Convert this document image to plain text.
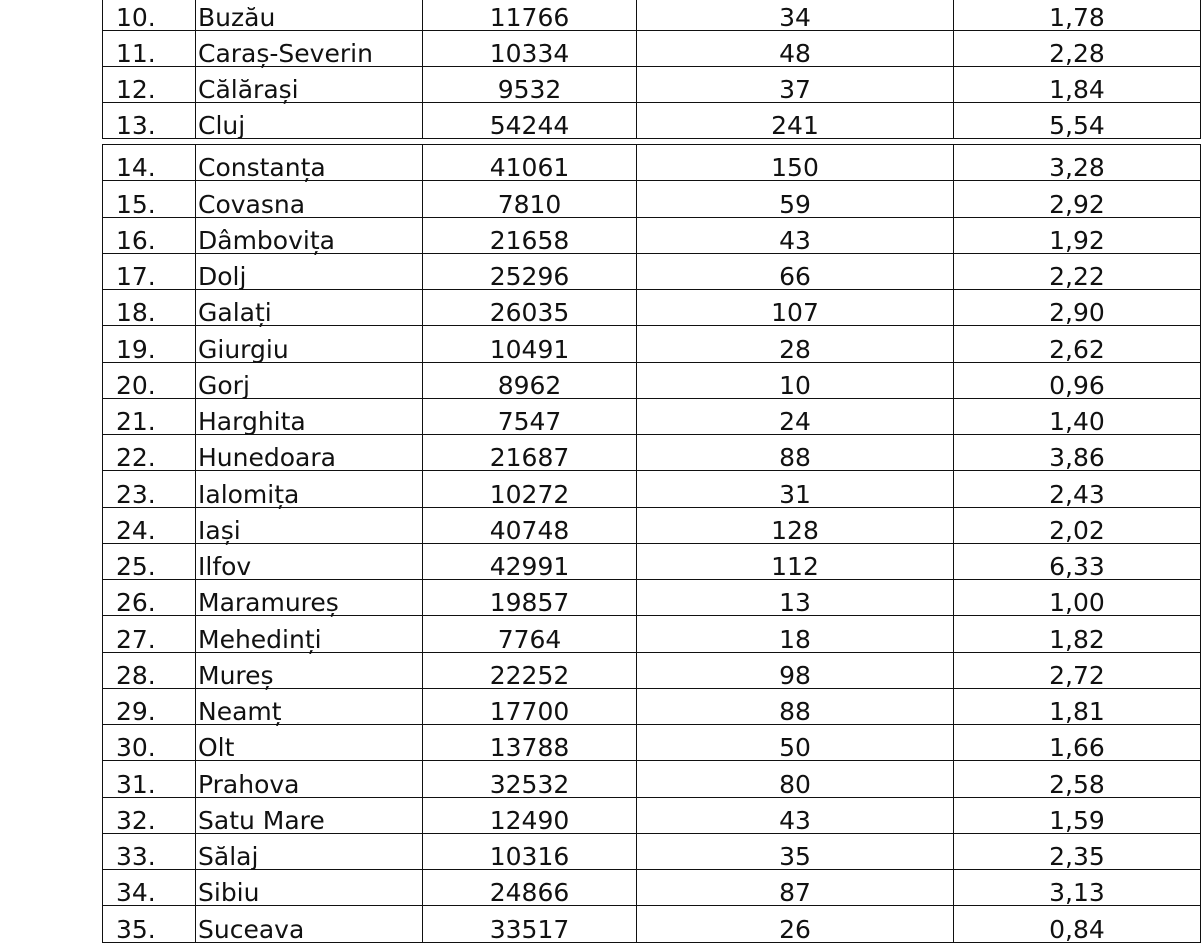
10.	Buzău	11766	34	1,78
11.	Caraș-Severin	10334	48	2,28
12.	Călărași	9532	37	1,84
13.	Cluj	54244	241	5,54
14.	Constanța	41061	150	3,28
15.	Covasna	7810	59	2,92
16.	Dâmbovița	21658	43	1,92
17.	Dolj	25296	66	2,22
18.	Galați	26035	107	2,90
19.	Giurgiu	10491	28	2,62
20.	Gorj	8962	10	0,96
21.	Harghita	7547	24	1,40
22.	Hunedoara	21687	88	3,86
23.	Ialomița	10272	31	2,43
24.	Iași	40748	128	2,02
25.	Ilfov	42991	112	6,33
26.	Maramureș	19857	13	1,00
27.	Mehedinți	7764	18	1,82
28.	Mureș	22252	98	2,72
29.	Neamț	17700	88	1,81
30.	Olt	13788	50	1,66
31.	Prahova	32532	80	2,58
32.	Satu Mare	12490	43	1,59
33.	Sălaj	10316	35	2,35
34.	Sibiu	24866	87	3,13
35.	Suceava	33517	26	0,84
